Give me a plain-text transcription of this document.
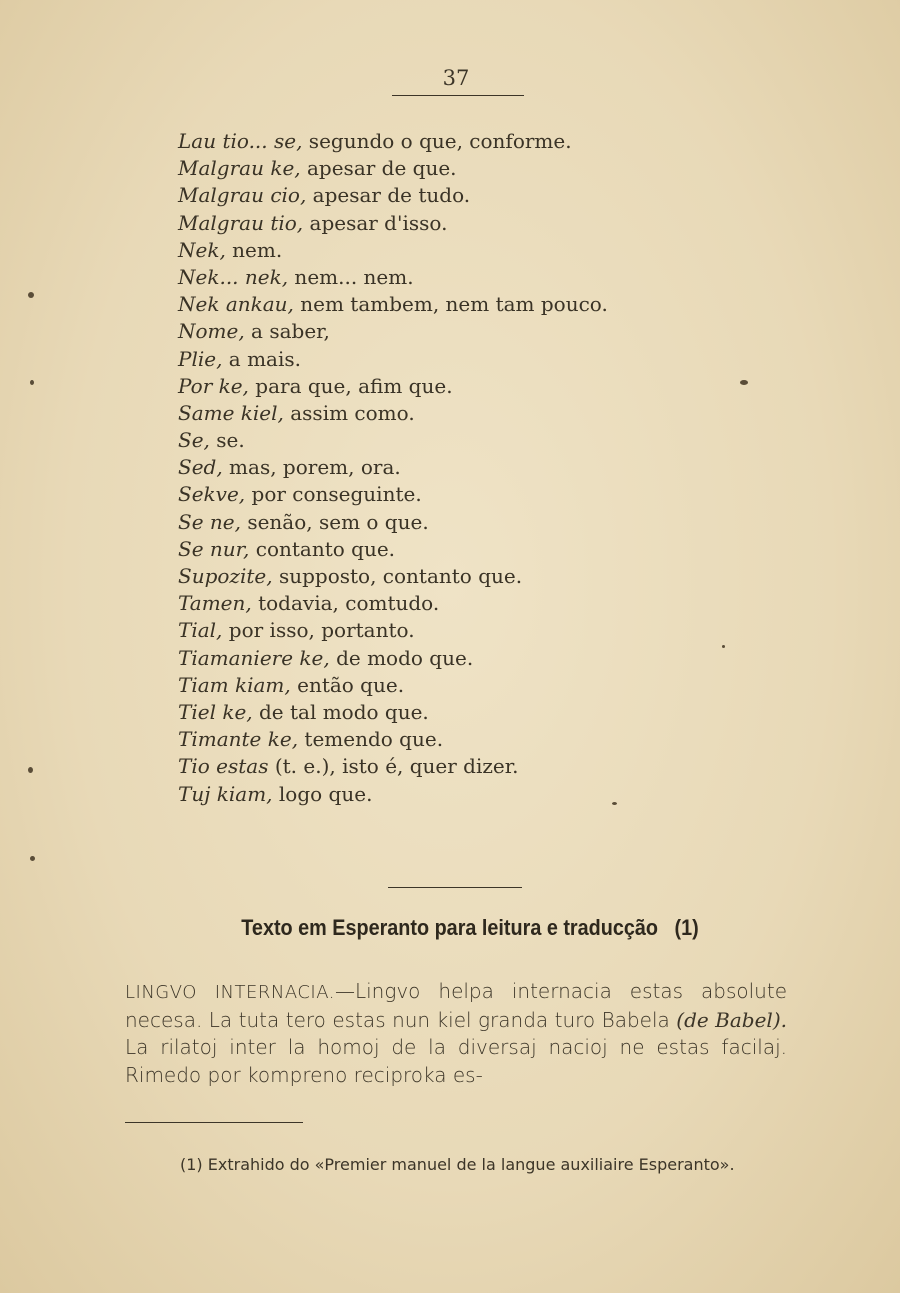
37
Lau tio... se, segundo o que, conforme.
Malgrau ke, apesar de que.
Malgrau cio, apesar de tudo.
Malgrau tio, apesar d'isso.
Nek, nem.
Nek... nek, nem... nem.
Nek ankau, nem tambem, nem tam pouco.
Nome, a saber,
Plie, a mais.
Por ke, para que, afim que.
Same kiel, assim como.
Se, se.
Sed, mas, porem, ora.
Sekve, por conseguinte.
Se ne, senão, sem o que.
Se nur, contanto que.
Supozite, supposto, contanto que.
Tamen, todavia, comtudo.
Tial, por isso, portanto.
Tiamaniere ke, de modo que.
Tiam kiam, então que.
Tiel ke, de tal modo que.
Timante ke, temendo que.
Tio estas (t. e.), isto é, quer dizer.
Tuj kiam, logo que.
Texto em Esperanto para leitura e traducção (1)
LINGVO INTERNACIA.—Lingvo helpa internacia estas absolute necesa. La tuta tero estas nun kiel granda turo Babela (de Babel). La rilatoj inter la homoj de la diversaj nacioj ne estas facilaj. Rimedo por kompreno reciproka es-
(1) Extrahido do «Premier manuel de la langue auxiliaire Esperanto».
